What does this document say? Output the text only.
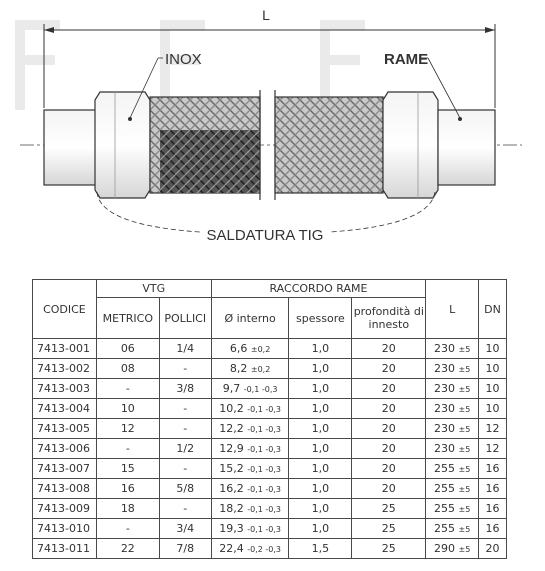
L
INOX	RAME
SALDATURA TIG
CODICE	VTG		RACCORDO RAME			L	DN
	METRICO	POLLICI	Ø interno	spessore	profondità di innesto		
7413-001	06	1/4	6,6 ±0,2	1,0	20	230 ±5	10
7413-002	08	-	8,2 ±0,2	1,0	20	230 ±5	10
7413-003	-	3/8	9,7 -0,1 -0,3	1,0	20	230 ±5	10
7413-004	10	-	10,2 -0,1 -0,3	1,0	20	230 ±5	10
7413-005	12	-	12,2 -0,1 -0,3	1,0	20	230 ±5	12
7413-006	-	1/2	12,9 -0,1 -0,3	1,0	20	230 ±5	12
7413-007	15	-	15,2 -0,1 -0,3	1,0	20	255 ±5	16
7413-008	16	5/8	16,2 -0,1 -0,3	1,0	20	255 ±5	16
7413-009	18	-	18,2 -0,1 -0,3	1,0	25	255 ±5	16
7413-010	-	3/4	19,3 -0,1 -0,3	1,0	25	255 ±5	16
7413-011	22	7/8	22,4 -0,2 -0,3	1,5	25	290 ±5	20
